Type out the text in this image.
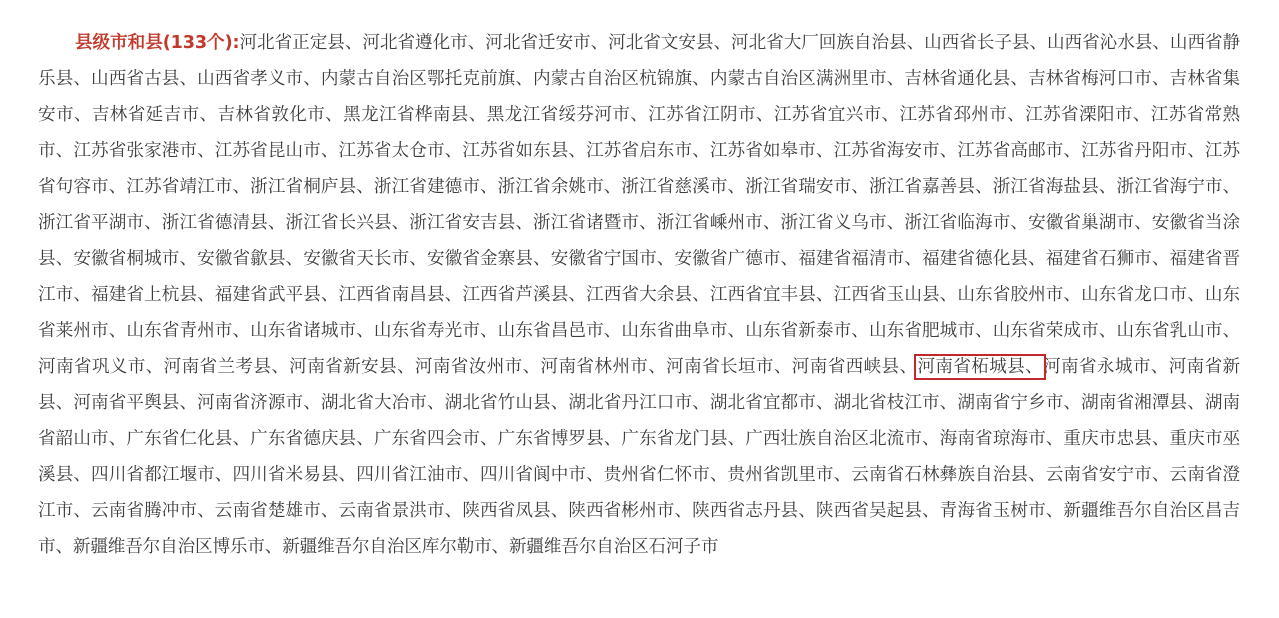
县级市和县(133个):河北省正定县、河北省遵化市、河北省迁安市、河北省文安县、河北省大厂回族自治县、山西省长子县、山西省沁水县、山西省静乐县、山西省古县、山西省孝义市、内蒙古自治区鄂托克前旗、内蒙古自治区杭锦旗、内蒙古自治区满洲里市、吉林省通化县、吉林省梅河口市、吉林省集安市、吉林省延吉市、吉林省敦化市、黑龙江省桦南县、黑龙江省绥芬河市、江苏省江阴市、江苏省宜兴市、江苏省邳州市、江苏省溧阳市、江苏省常熟市、江苏省张家港市、江苏省昆山市、江苏省太仓市、江苏省如东县、江苏省启东市、江苏省如皋市、江苏省海安市、江苏省高邮市、江苏省丹阳市、江苏省句容市、江苏省靖江市、浙江省桐庐县、浙江省建德市、浙江省余姚市、浙江省慈溪市、浙江省瑞安市、浙江省嘉善县、浙江省海盐县、浙江省海宁市、浙江省平湖市、浙江省德清县、浙江省长兴县、浙江省安吉县、浙江省诸暨市、浙江省嵊州市、浙江省义乌市、浙江省临海市、安徽省巢湖市、安徽省当涂县、安徽省桐城市、安徽省歙县、安徽省天长市、安徽省金寨县、安徽省宁国市、安徽省广德市、福建省福清市、福建省德化县、福建省石狮市、福建省晋江市、福建省上杭县、福建省武平县、江西省南昌县、江西省芦溪县、江西省大余县、江西省宜丰县、江西省玉山县、山东省胶州市、山东省龙口市、山东省莱州市、山东省青州市、山东省诸城市、山东省寿光市、山东省昌邑市、山东省曲阜市、山东省新泰市、山东省肥城市、山东省荣成市、山东省乳山市、河南省巩义市、河南省兰考县、河南省新安县、河南省汝州市、河南省林州市、河南省长垣市、河南省西峡县、河南省柘城县、河南省永城市、河南省新县、河南省平舆县、河南省济源市、湖北省大冶市、湖北省竹山县、湖北省丹江口市、湖北省宜都市、湖北省枝江市、湖南省宁乡市、湖南省湘潭县、湖南省韶山市、广东省仁化县、广东省德庆县、广东省四会市、广东省博罗县、广东省龙门县、广西壮族自治区北流市、海南省琼海市、重庆市忠县、重庆市巫溪县、四川省都江堰市、四川省米易县、四川省江油市、四川省阆中市、贵州省仁怀市、贵州省凯里市、云南省石林彝族自治县、云南省安宁市、云南省澄江市、云南省腾冲市、云南省楚雄市、云南省景洪市、陕西省凤县、陕西省彬州市、陕西省志丹县、陕西省吴起县、青海省玉树市、新疆维吾尔自治区昌吉市、新疆维吾尔自治区博乐市、新疆维吾尔自治区库尔勒市、新疆维吾尔自治区石河子市
